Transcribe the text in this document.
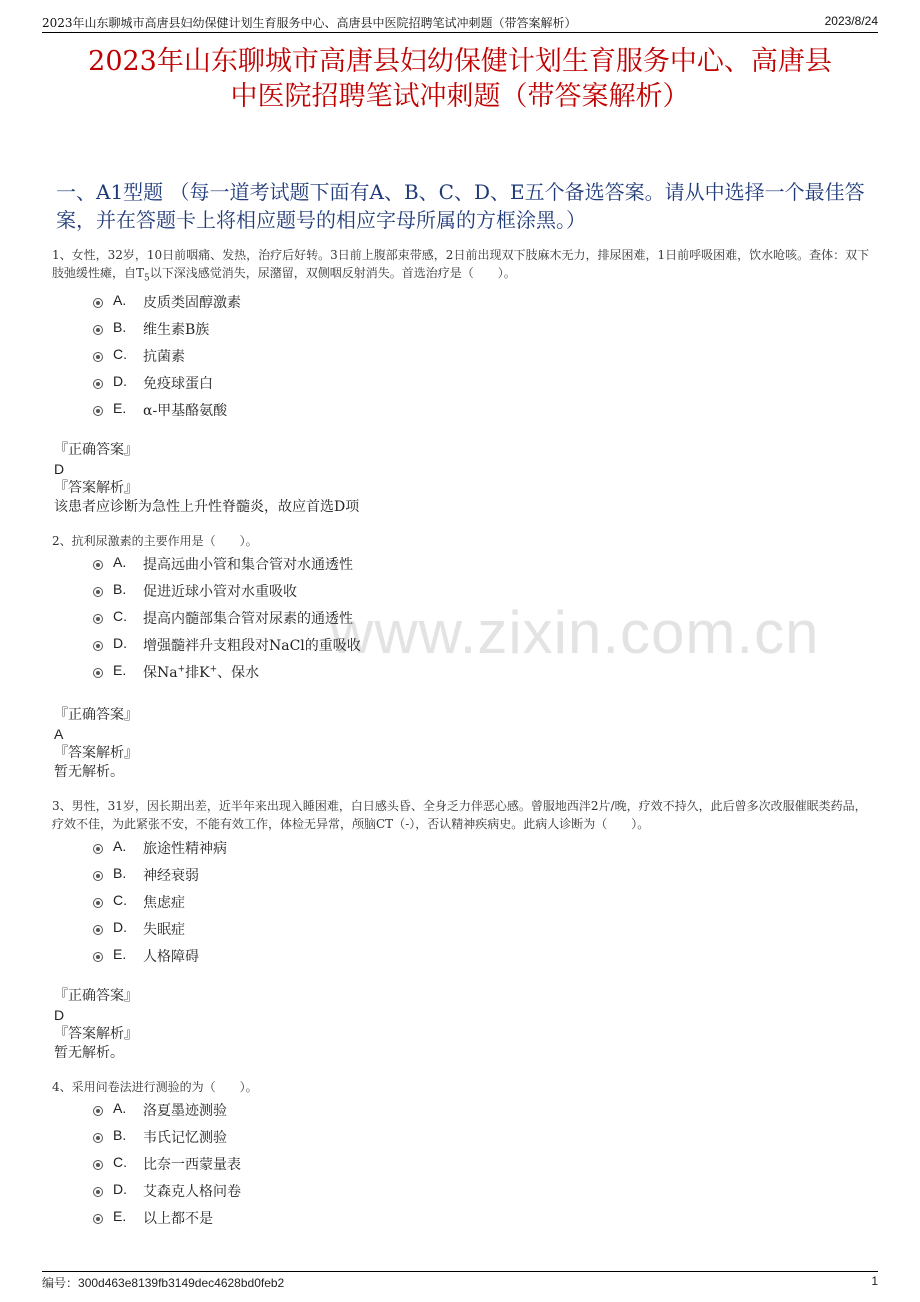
2023年山东聊城市高唐县妇幼保健计划生育服务中心、高唐县中医院招聘笔试冲刺题（带答案解析）	2023/8/24
2023年山东聊城市高唐县妇幼保健计划生育服务中心、高唐县
中医院招聘笔试冲刺题（带答案解析）
一、A1型题 （每一道考试题下面有A、B、C、D、E五个备选答案。请从中选择一个最佳答案，并在答题卡上将相应题号的相应字母所属的方框涂黑。）
www.zixin.com.cn
1、女性，32岁，10日前咽痛、发热，治疗后好转。3日前上腹部束带感，2日前出现双下肢麻木无力，排尿困难，1日前呼吸困难，饮水呛咳。查体：双下肢弛缓性瘫，自$T_5$以下深浅感觉消失，尿潴留，双侧咽反射消失。首选治疗是（　　）。
A. 皮质类固醇激素
B. 维生素B族
C. 抗菌素
D. 免疫球蛋白
E. α-甲基酪氨酸
『正确答案』
D
『答案解析』
该患者应诊断为急性上升性脊髓炎，故应首选D项
2、抗利尿激素的主要作用是（　　）。
A. 提高远曲小管和集合管对水通透性
B. 促进近球小管对水重吸收
C. 提高内髓部集合管对尿素的通透性
D. 增强髓袢升支粗段对NaCl的重吸收
E. 保Na+排K+、保水
『正确答案』
A
『答案解析』
暂无解析。
3、男性，31岁，因长期出差，近半年来出现入睡困难，白日感头昏、全身乏力伴恶心感。曾服地西泮2片/晚，疗效不持久，此后曾多次改服催眠类药品，疗效不佳，为此紧张不安，不能有效工作，体检无异常，颅脑CT（-），否认精神疾病史。此病人诊断为（　　）。
A. 旅途性精神病
B. 神经衰弱
C. 焦虑症
D. 失眠症
E. 人格障碍
『正确答案』
D
『答案解析』
暂无解析。
4、采用问卷法进行测验的为（　　）。
A. 洛夏墨迹测验
B. 韦氏记忆测验
C. 比奈一西蒙量表
D. 艾森克人格问卷
E. 以上都不是
编号：300d463e8139fb3149dec4628bd0feb2	1
